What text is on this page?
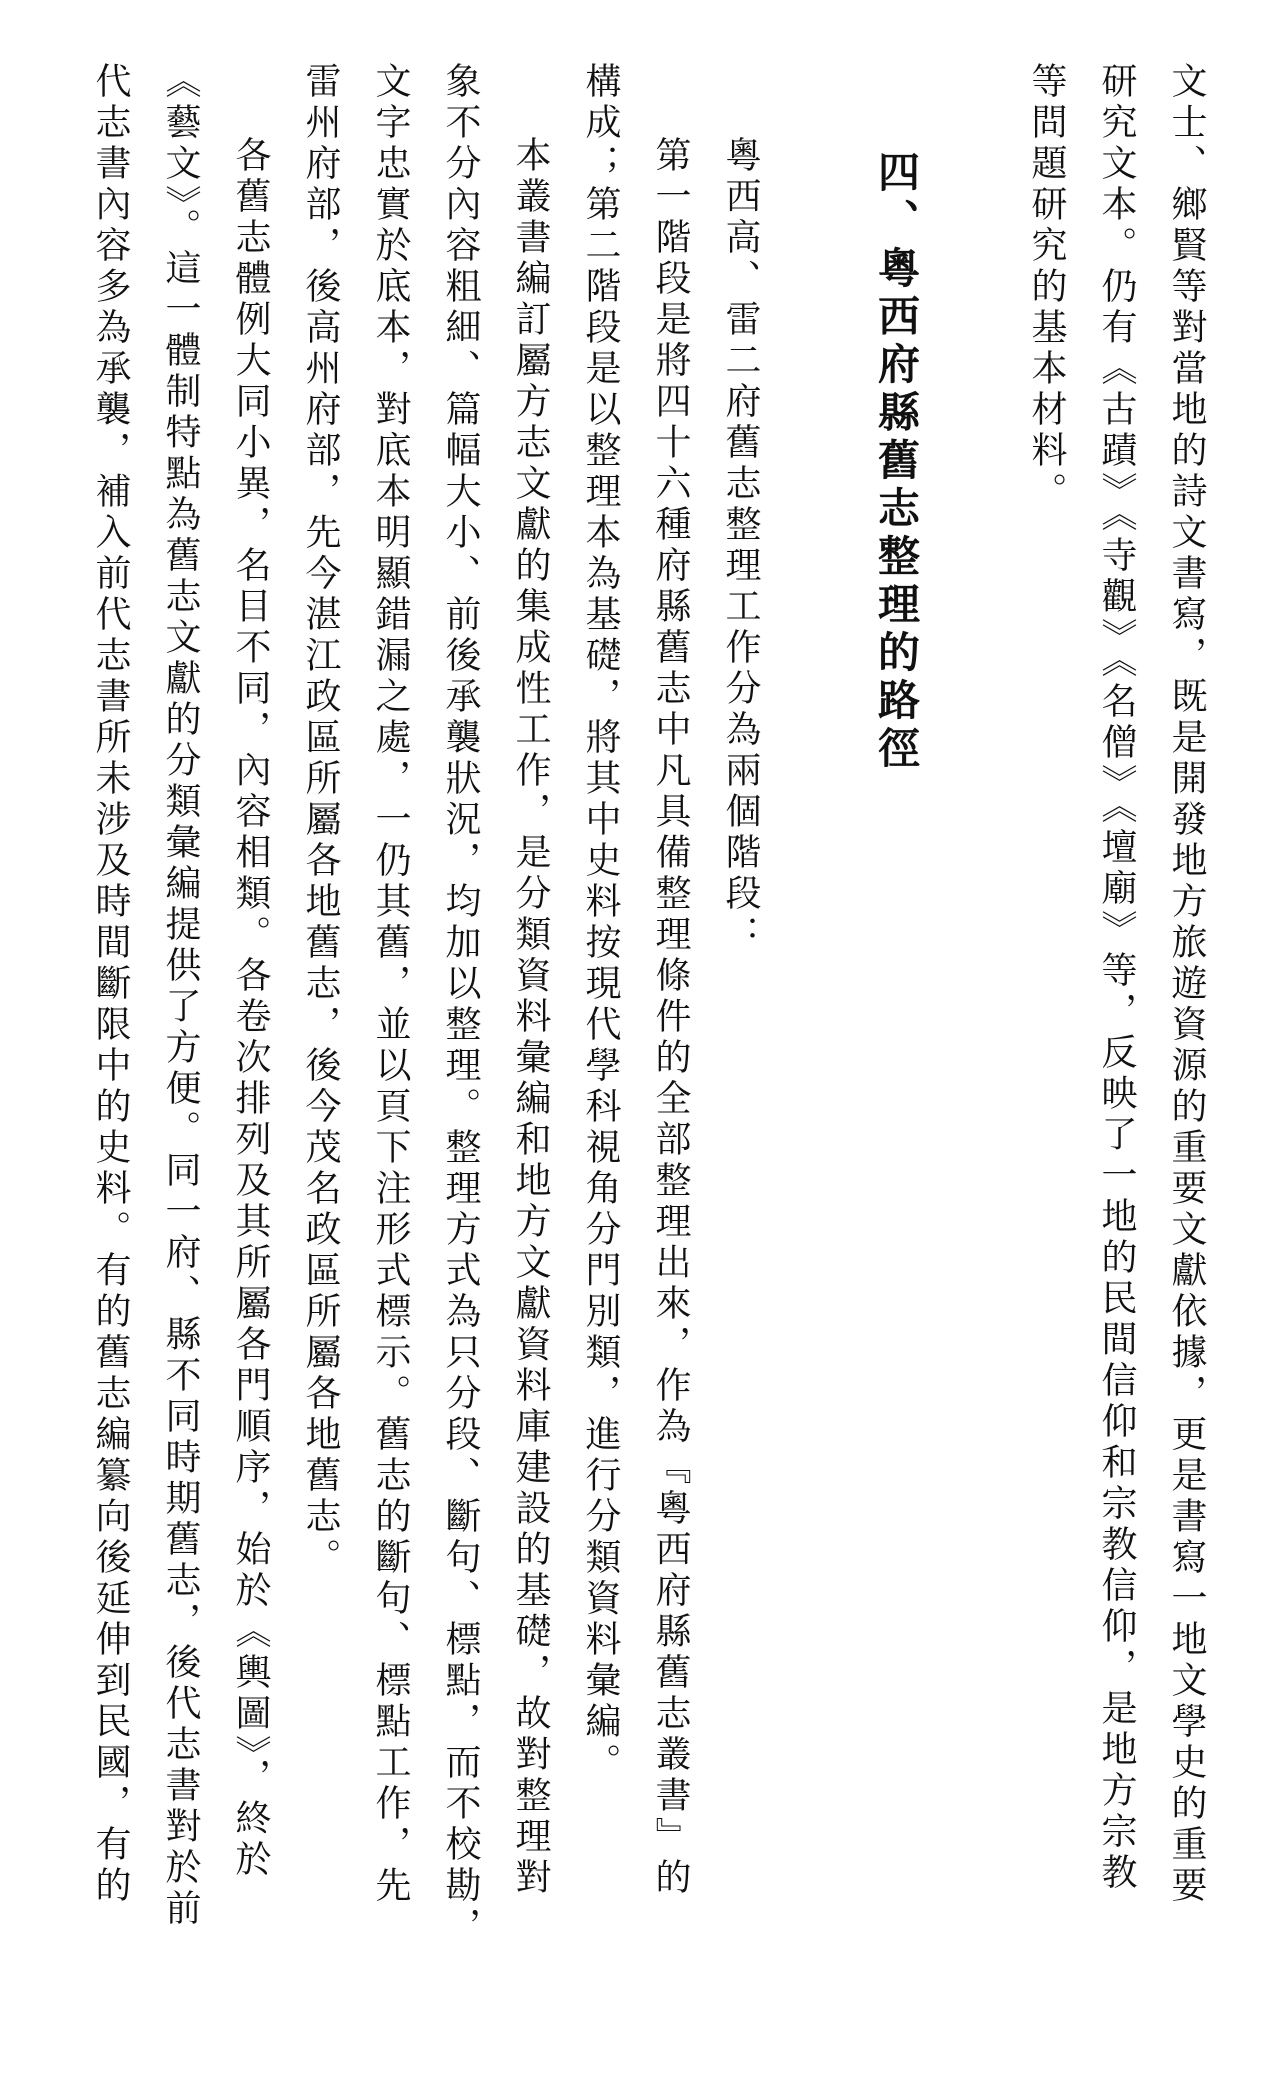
文士、鄉賢等對當地的詩文書寫，既是開發地方旅遊資源的重要文獻依據，更是書寫一地文學史的重要
研究文本。仍有《古蹟》《寺觀》《名僧》《壇廟》等，反映了一地的民間信仰和宗教信仰，是地方宗教
等問題研究的基本材料。
四、粵西府縣舊志整理的路徑
粵西高、雷二府舊志整理工作分為兩個階段：
第一階段是將四十六種府縣舊志中凡具備整理條件的全部整理出來，作為『粵西府縣舊志叢書』的
構成；第二階段是以整理本為基礎，將其中史料按現代學科視角分門別類，進行分類資料彙編。
本叢書編訂屬方志文獻的集成性工作，是分類資料彙編和地方文獻資料庫建設的基礎，故對整理對
象不分內容粗細、篇幅大小、前後承襲狀況，均加以整理。整理方式為只分段、斷句、標點，而不校勘，
文字忠實於底本，對底本明顯錯漏之處，一仍其舊，並以頁下注形式標示。舊志的斷句、標點工作，先
雷州府部，後高州府部，先今湛江政區所屬各地舊志，後今茂名政區所屬各地舊志。
各舊志體例大同小異，名目不同，內容相類。各卷次排列及其所屬各門順序，始於《輿圖》，終於
《藝文》。這一體制特點為舊志文獻的分類彙編提供了方便。同一府、縣不同時期舊志，後代志書對於前
代志書內容多為承襲，補入前代志書所未涉及時間斷限中的史料。有的舊志編纂向後延伸到民國，有的
